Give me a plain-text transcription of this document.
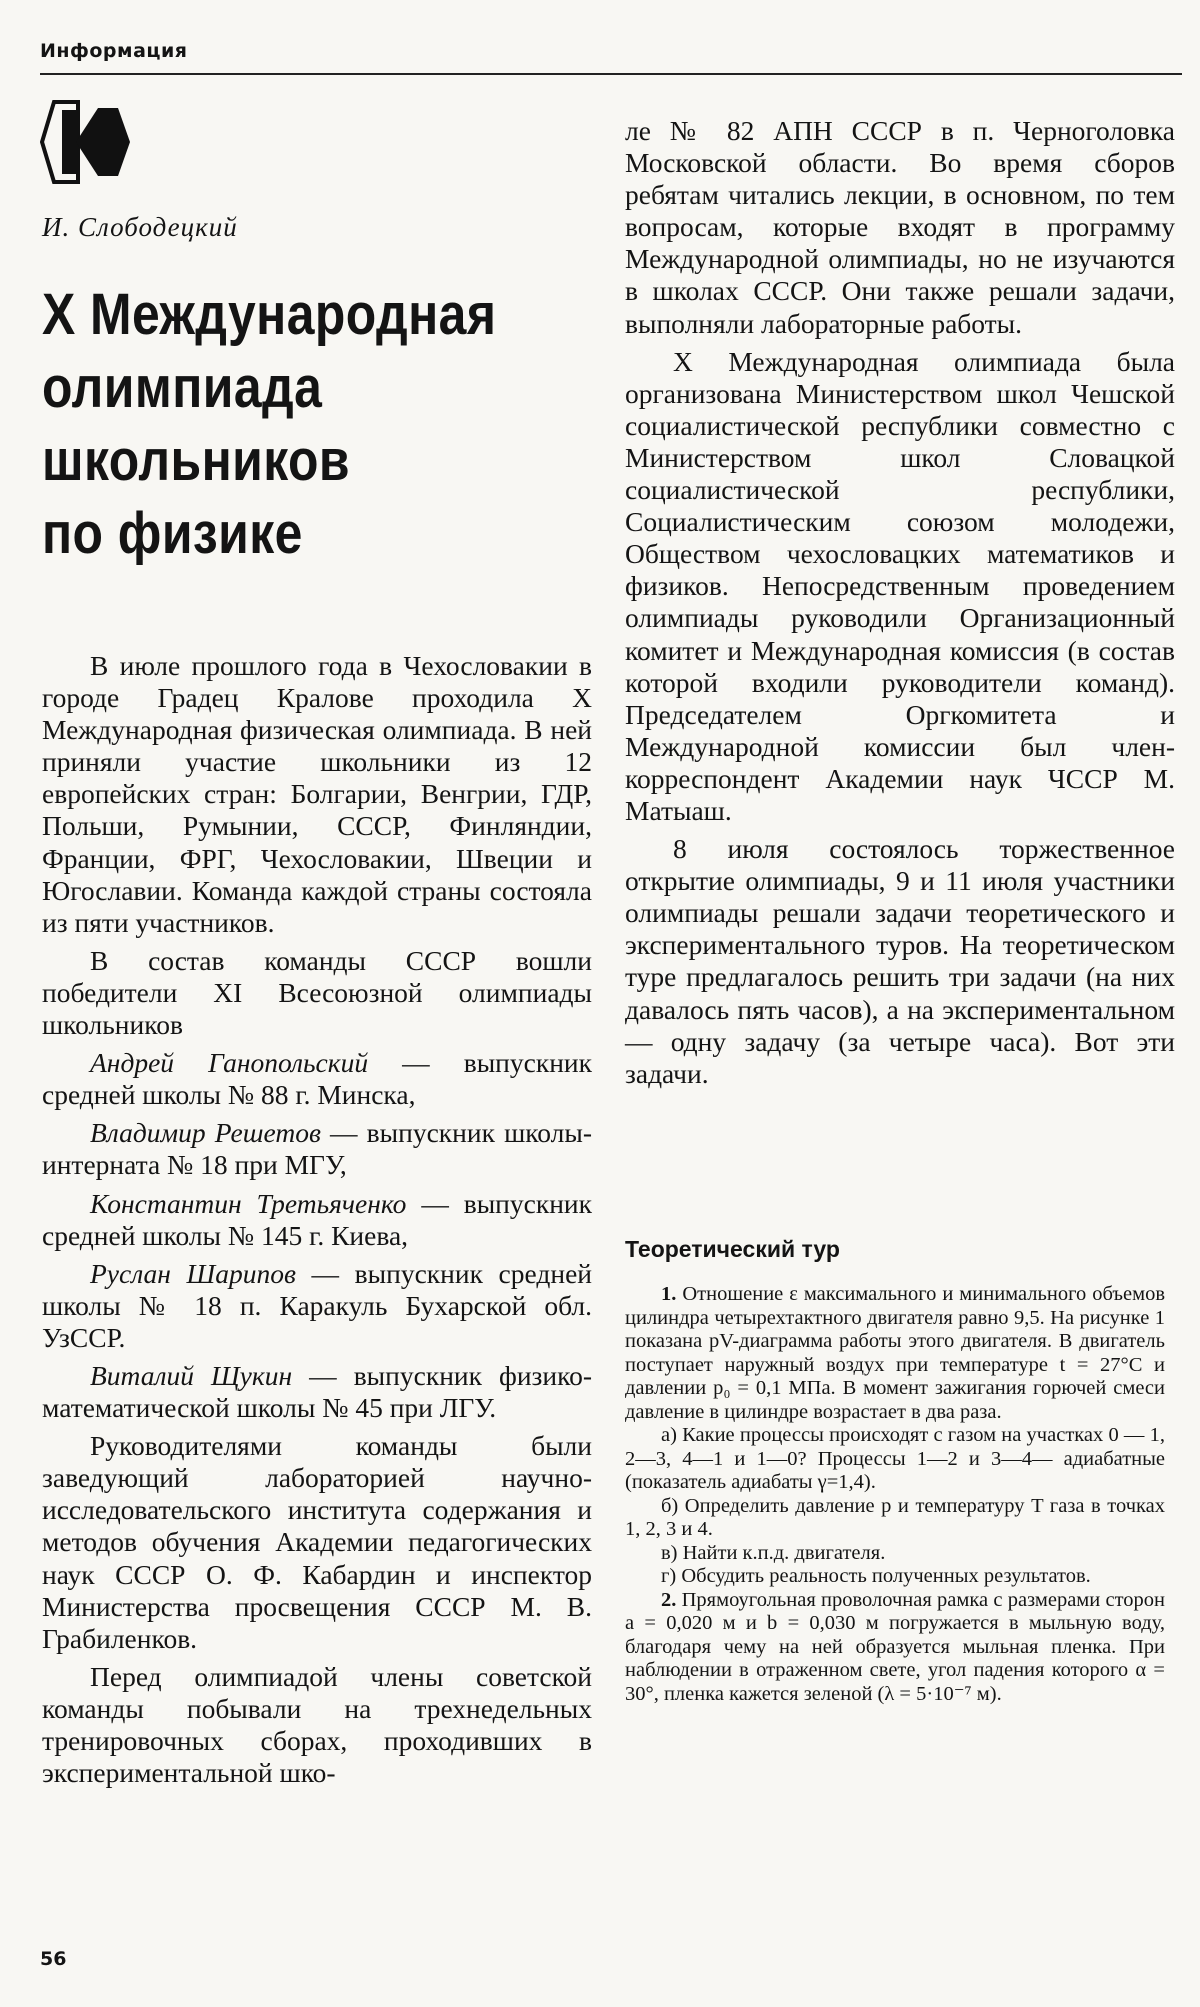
Информация
И. Слободецкий
Х Международная
олимпиада
школьников
по физике

В июле прошлого года в Чехословакии в городе Градец Кралове проходила Х Международная физическая олимпиада. В ней приняли участие школьники из 12 европейских стран: Болгарии, Венгрии, ГДР, Польши, Румынии, СССР, Финляндии, Франции, ФРГ, Чехословакии, Швеции и Югославии. Команда каждой страны состояла из пяти участников.

В состав команды СССР вошли победители XI Всесоюзной олимпиады школьников

Андрей Ганопольский — выпускник средней школы № 88 г. Минска,

Владимир Решетов — выпускник школы-интерната № 18 при МГУ,

Константин Третьяченко — выпускник средней школы № 145 г. Киева,

Руслан Шарипов — выпускник средней школы № 18 п. Каракуль Бухарской обл. УзССР.

Виталий Щукин — выпускник физико-математической школы № 45 при ЛГУ.

Руководителями команды были заведующий лабораторией научно-исследовательского института содержания и методов обучения Академии педагогических наук СССР О. Ф. Кабардин и инспектор Министерства просвещения СССР М. В. Грабиленков.

Перед олимпиадой члены советской команды побывали на трехнедельных тренировочных сборах, проходивших в экспериментальной шко-

ле № 82 АПН СССР в п. Черноголовка Московской области. Во время сборов ребятам читались лекции, в основном, по тем вопросам, которые входят в программу Международной олимпиады, но не изучаются в школах СССР. Они также решали задачи, выполняли лабораторные работы.

Х Международная олимпиада была организована Министерством школ Чешской социалистической республики совместно с Министерством школ Словацкой социалистической республики, Социалистическим союзом молодежи, Обществом чехословацких математиков и физиков. Непосредственным проведением олимпиады руководили Организационный комитет и Международная комиссия (в состав которой входили руководители команд). Председателем Оргкомитета и Международной комиссии был член-корреспондент Академии наук ЧССР М. Матыаш.

8 июля состоялось торжественное открытие олимпиады, 9 и 11 июля участники олимпиады решали задачи теоретического и экспериментального туров. На теоретическом туре предлагалось решить три задачи (на них давалось пять часов), а на экспериментальном — одну задачу (за четыре часа). Вот эти задачи.

Теоретический тур

1. Отношение ε максимального и минимального объемов цилиндра четырехтактного двигателя равно 9,5. На рисунке 1 показана pV-диаграмма работы этого двигателя. В двигатель поступает наружный воздух при температуре t = 27°C и давлении p₀ = 0,1 МПа. В момент зажигания горючей смеси давление в цилиндре возрастает в два раза.

а) Какие процессы происходят с газом на участках 0 — 1, 2—3, 4—1 и 1—0? Процессы 1—2 и 3—4— адиабатные (показатель адиабаты γ=1,4).

б) Определить давление p и температуру T газа в точках 1, 2, 3 и 4.

в) Найти к.п.д. двигателя.

г) Обсудить реальность полученных результатов.

2. Прямоугольная проволочная рамка с размерами сторон a = 0,020 м и b = 0,030 м погружается в мыльную воду, благодаря чему на ней образуется мыльная пленка. При наблюдении в отраженном свете, угол падения которого α = 30°, пленка кажется зеленой (λ = 5·10⁻⁷ м).

56
